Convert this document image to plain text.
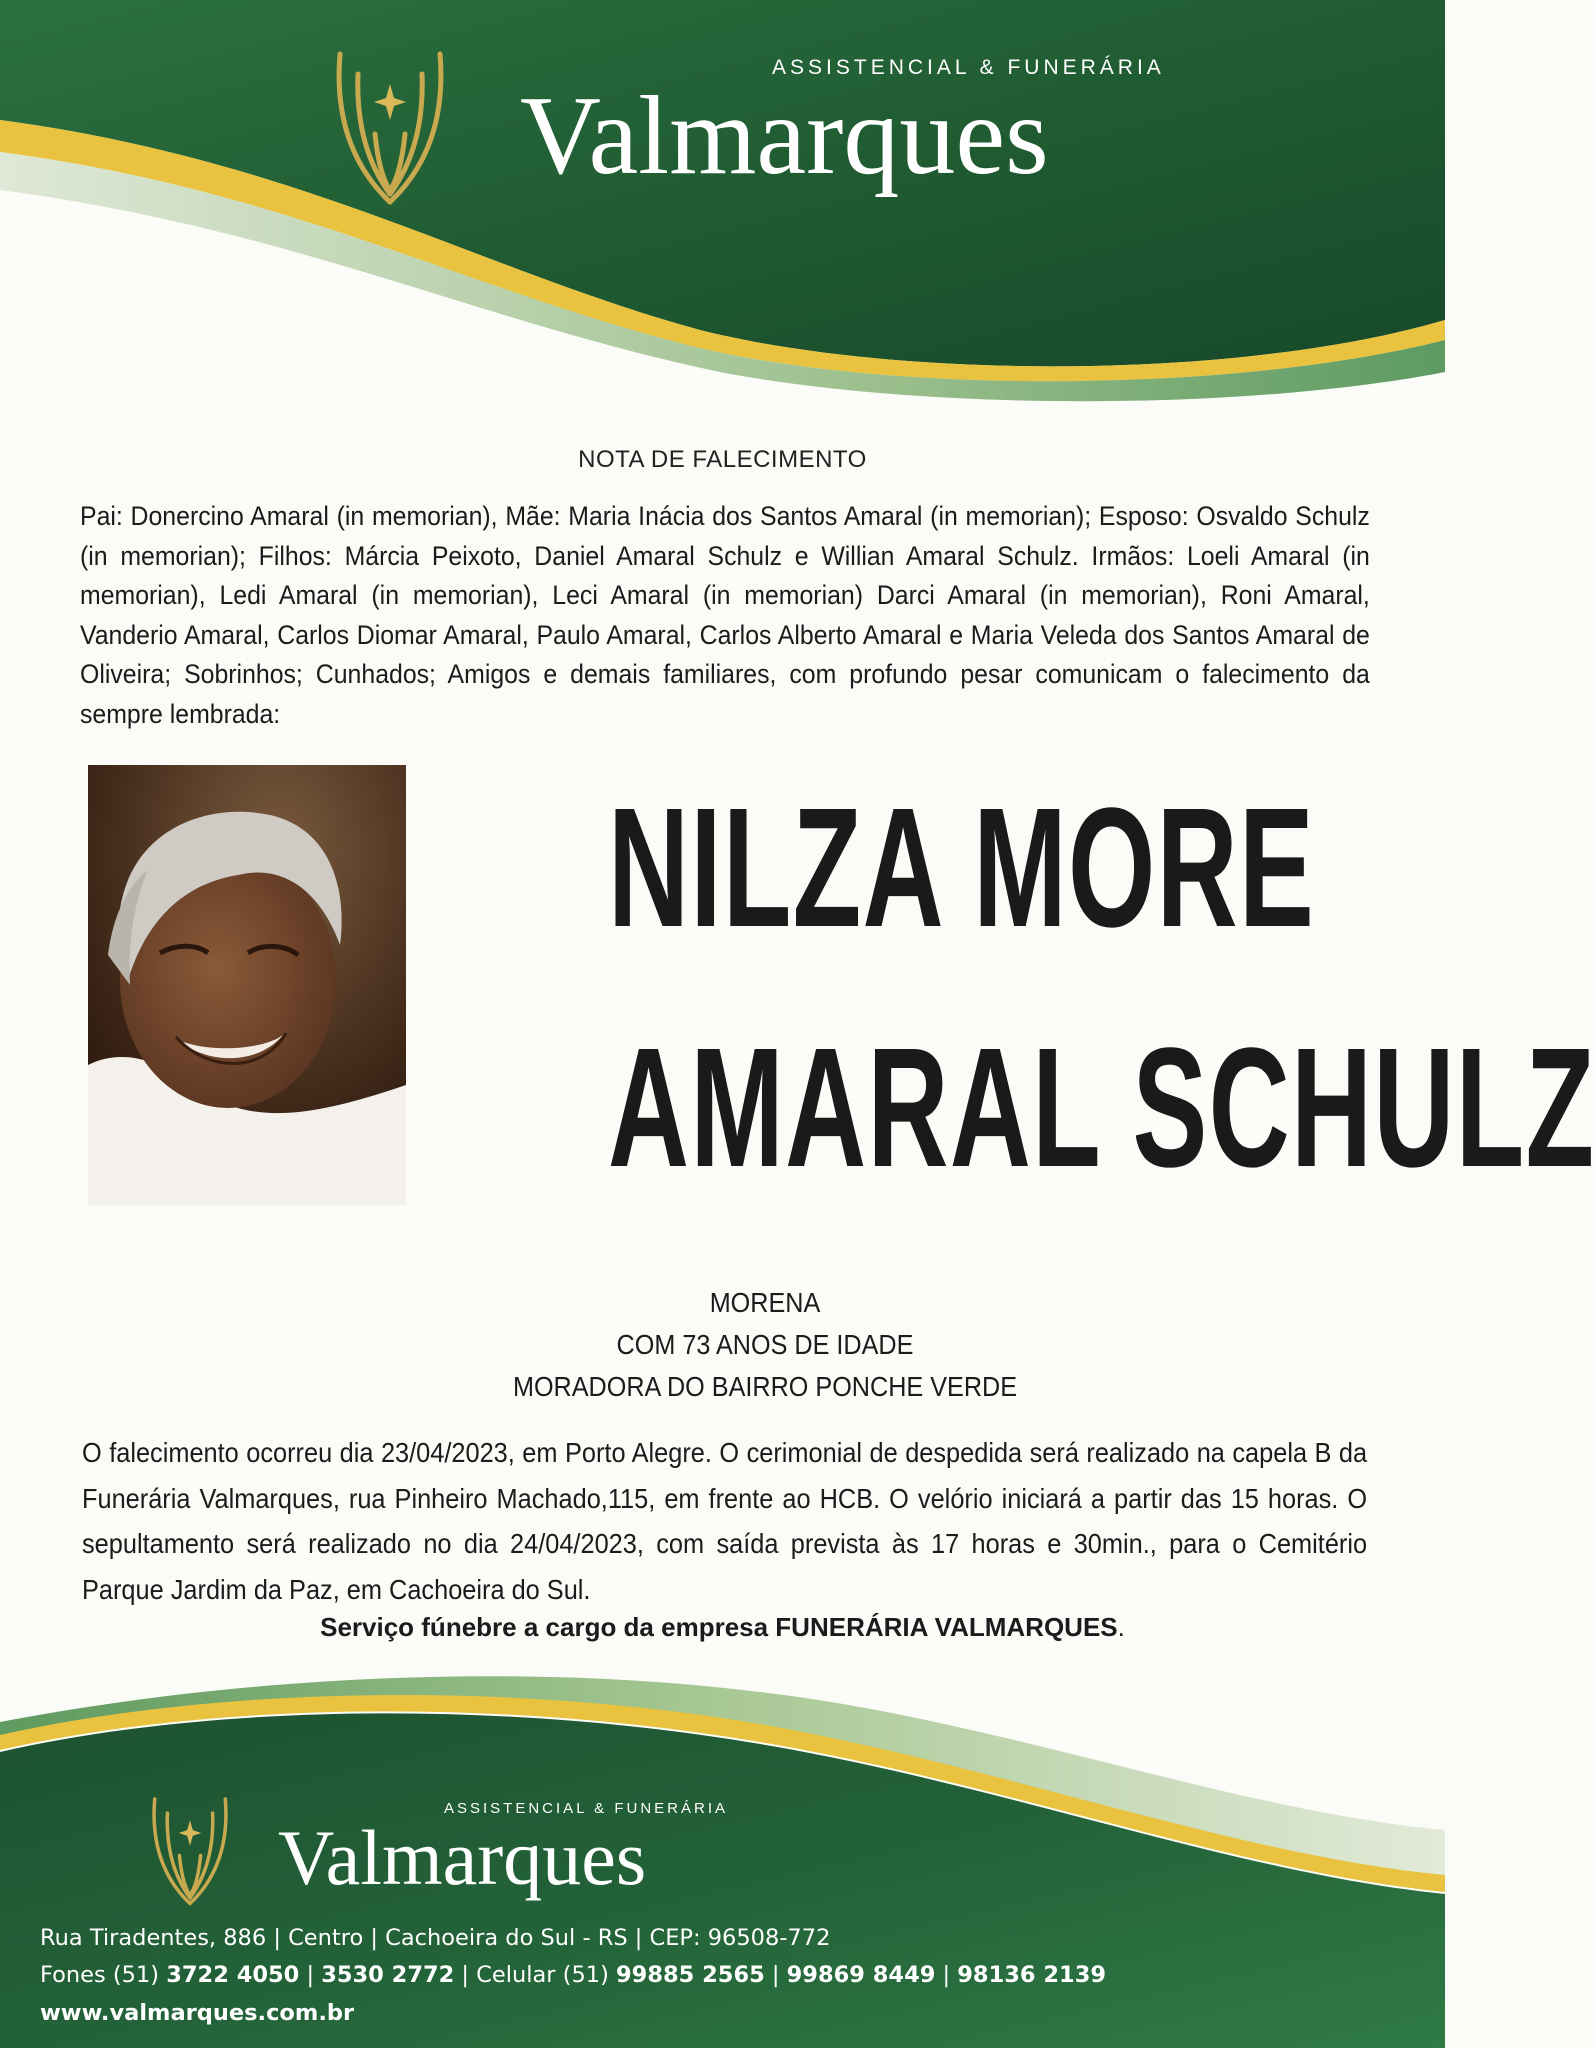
ASSISTENCIAL & FUNERÁRIA
Valmarques
NOTA DE FALECIMENTO
Pai: Donercino Amaral (in memorian), Mãe: Maria Inácia dos Santos Amaral (in memorian); Esposo: Osvaldo Schulz (in memorian); Filhos: Márcia Peixoto, Daniel Amaral Schulz e Willian Amaral Schulz. Irmãos: Loeli Amaral (in memorian), Ledi Amaral (in memorian), Leci Amaral (in memorian) Darci Amaral (in memorian), Roni Amaral, Vanderio Amaral, Carlos Diomar Amaral, Paulo Amaral, Carlos Alberto Amaral e Maria Veleda dos Santos Amaral de Oliveira; Sobrinhos; Cunhados; Amigos e demais familiares, com profundo pesar comunicam o falecimento da sempre lembrada:
NILZA MORE
AMARAL SCHULZ
MORENA
COM 73 ANOS DE IDADE
MORADORA DO BAIRRO PONCHE VERDE
O falecimento ocorreu dia 23/04/2023, em Porto Alegre. O cerimonial de despedida será realizado na capela B da Funerária Valmarques, rua Pinheiro Machado,115, em frente ao HCB. O velório iniciará a partir das 15 horas. O sepultamento será realizado no dia 24/04/2023, com saída prevista às 17 horas e 30min., para o Cemitério Parque Jardim da Paz, em Cachoeira do Sul.
Serviço fúnebre a cargo da empresa FUNERÁRIA VALMARQUES.
ASSISTENCIAL & FUNERÁRIA
Valmarques
Rua Tiradentes, 886 | Centro | Cachoeira do Sul - RS | CEP: 96508-772
Fones (51) 3722 4050 | 3530 2772 | Celular (51) 99885 2565 | 99869 8449 | 98136 2139
www.valmarques.com.br
